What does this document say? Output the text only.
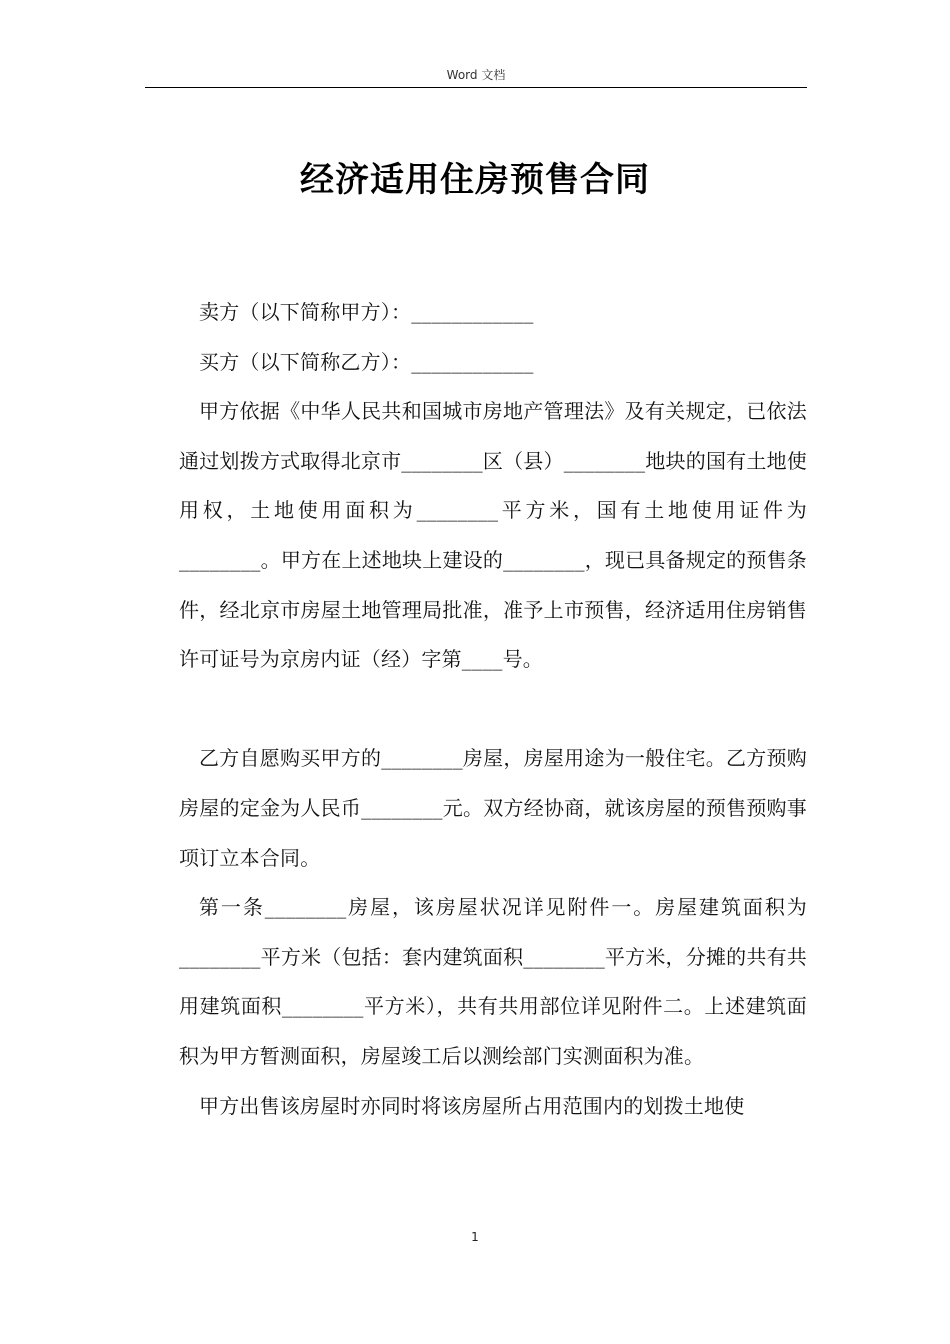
Word 文档
经济适用住房预售合同

卖方（以下简称甲方）：____________

买方（以下简称乙方）：____________

甲方依据《中华人民共和国城市房地产管理法》及有关规定，已依法通过划拨方式取得北京市________区（县）________地块的国有土地使用权，土地使用面积为________平方米，国有土地使用证件为________。甲方在上述地块上建设的________，现已具备规定的预售条件，经北京市房屋土地管理局批准，准予上市预售，经济适用住房销售许可证号为京房内证（经）字第____号。

乙方自愿购买甲方的________房屋，房屋用途为一般住宅。乙方预购房屋的定金为人民币________元。双方经协商，就该房屋的预售预购事项订立本合同。

第一条________房屋，该房屋状况详见附件一。房屋建筑面积为________平方米（包括：套内建筑面积________平方米，分摊的共有共用建筑面积________平方米），共有共用部位详见附件二。上述建筑面积为甲方暂测面积，房屋竣工后以测绘部门实测面积为准。

甲方出售该房屋时亦同时将该房屋所占用范围内的划拨土地使

1
